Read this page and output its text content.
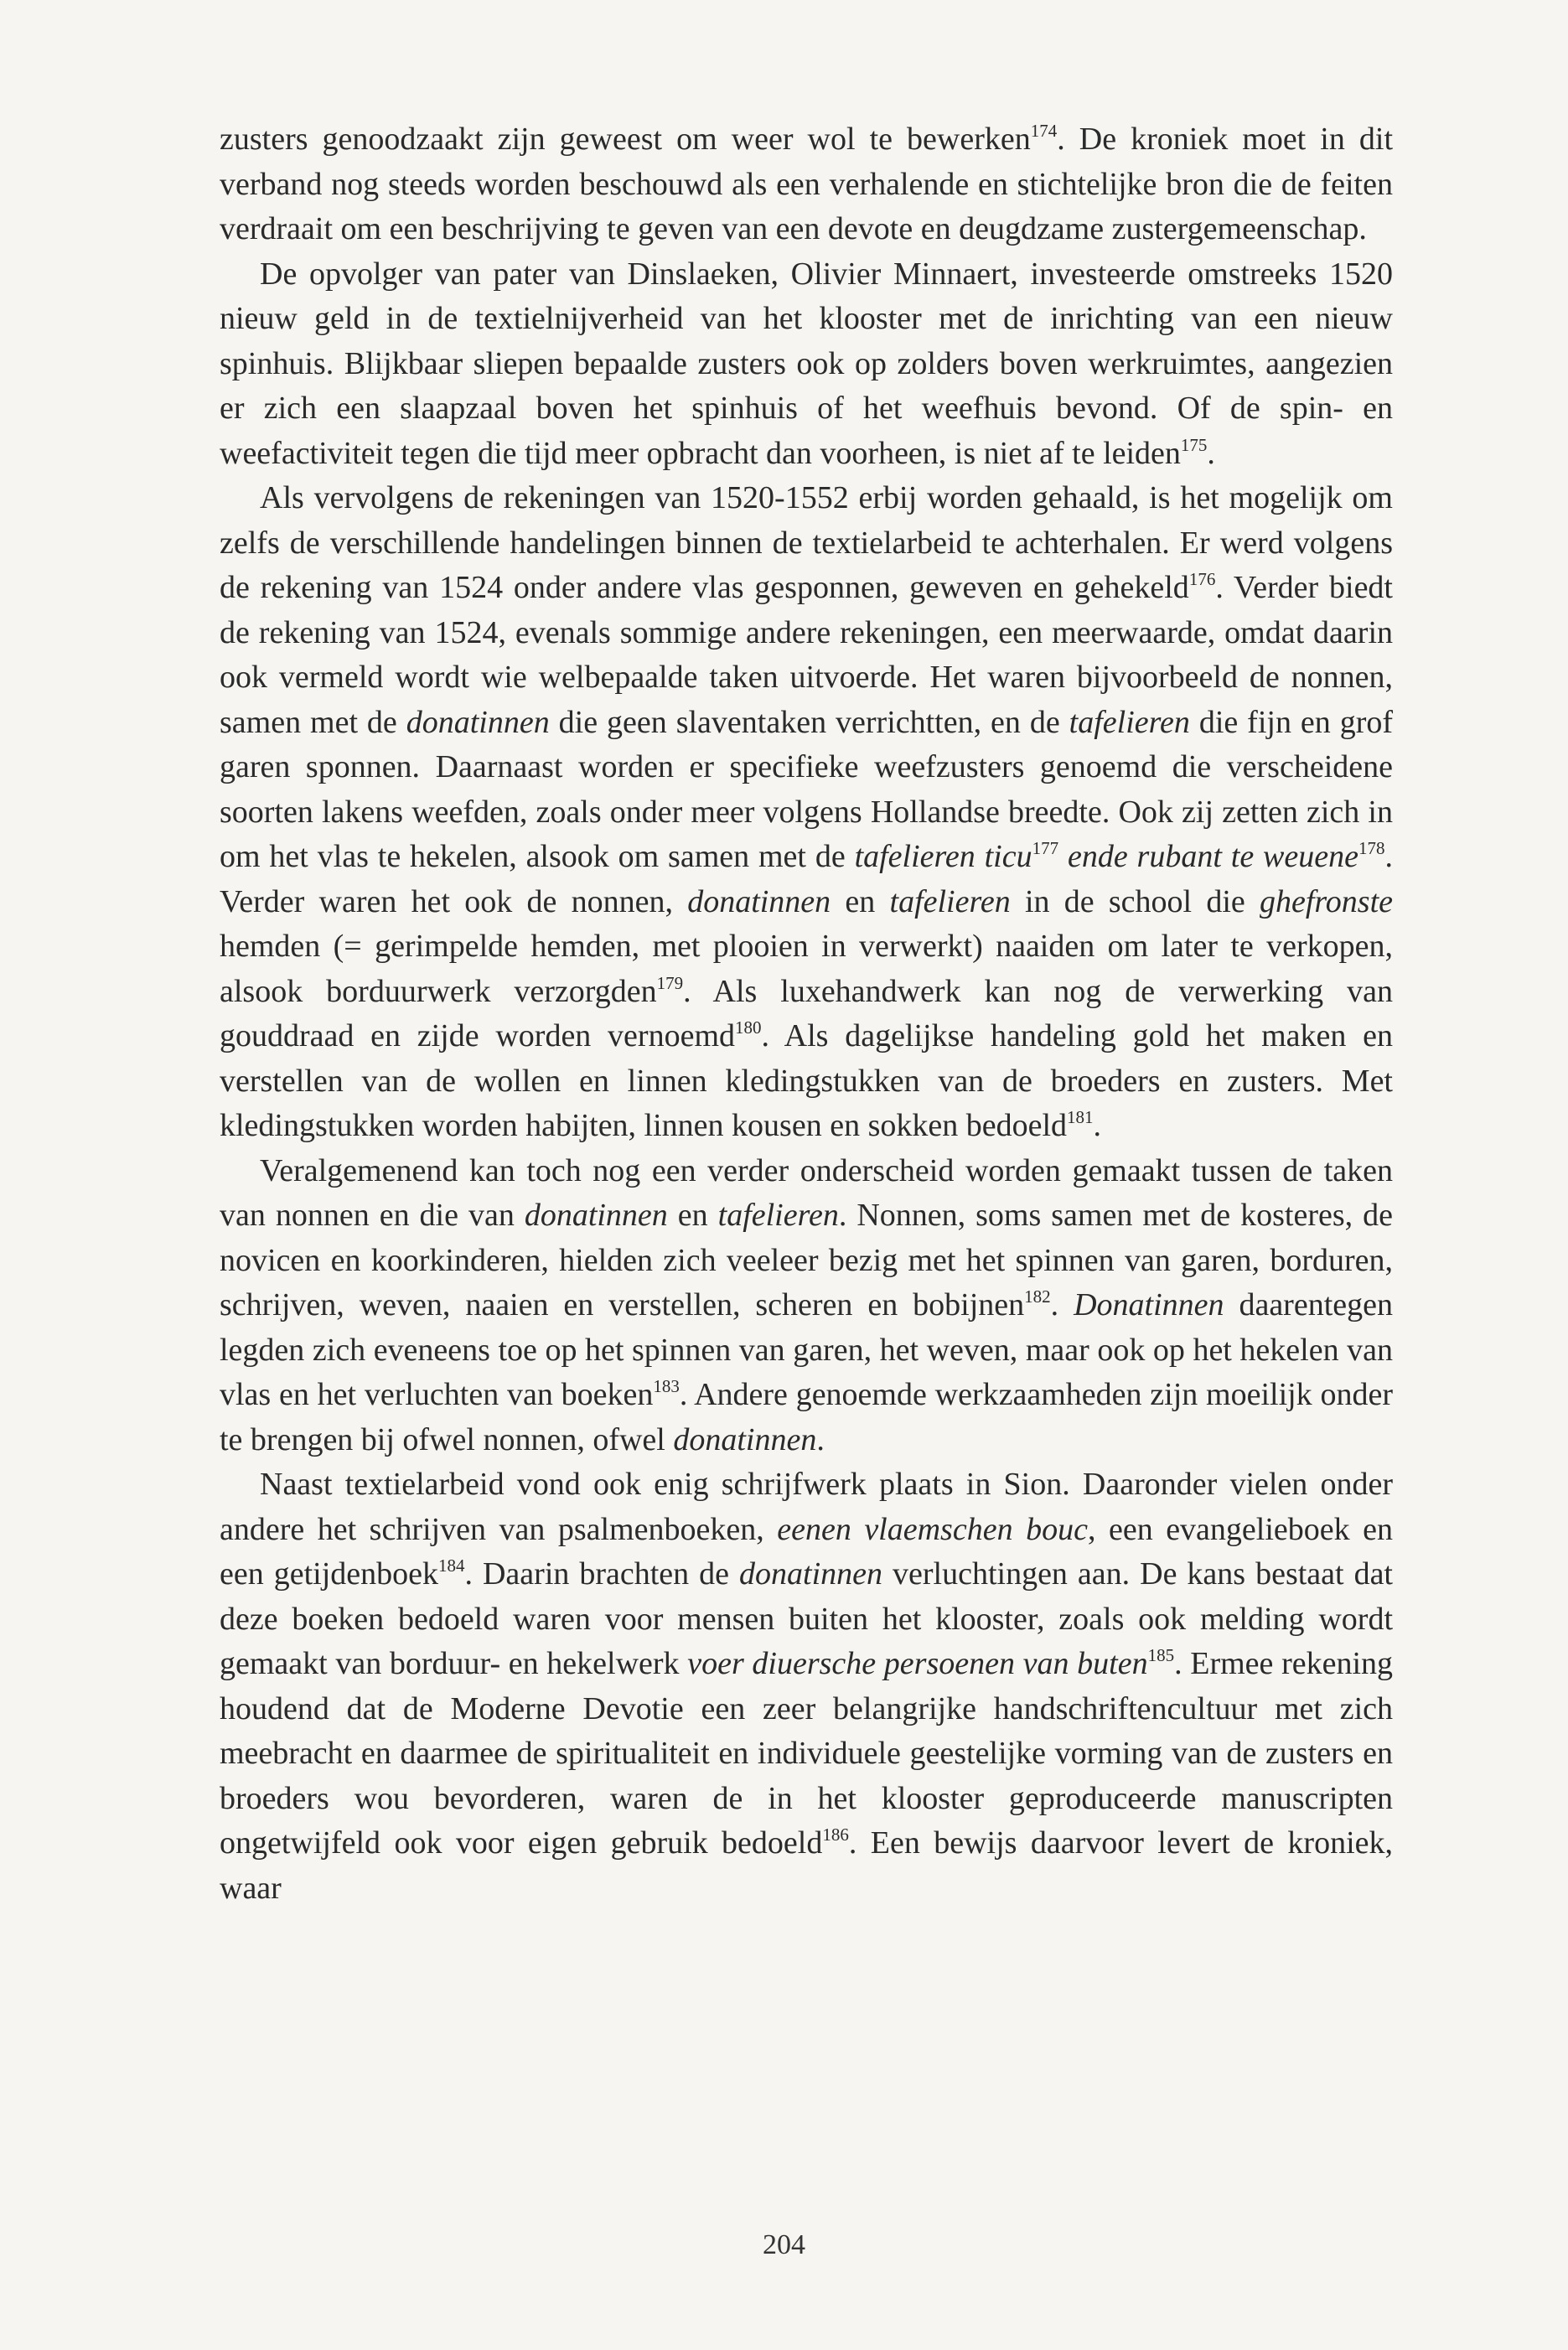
zusters genoodzaakt zijn geweest om weer wol te bewerken$^{174}$. De kroniek moet in dit verband nog steeds worden beschouwd als een verhalende en stichtelijke bron die de feiten verdraait om een beschrijving te geven van een devote en deugdzame zustergemeenschap.

De opvolger van pater van Dinslaeken, Olivier Minnaert, investeerde omstreeks 1520 nieuw geld in de textielnijverheid van het klooster met de inrichting van een nieuw spinhuis. Blijkbaar sliepen bepaalde zusters ook op zolders boven werkruimtes, aangezien er zich een slaapzaal boven het spinhuis of het weefhuis bevond. Of de spin- en weefactiviteit tegen die tijd meer opbracht dan voorheen, is niet af te leiden$^{175}$.

Als vervolgens de rekeningen van 1520-1552 erbij worden gehaald, is het mogelijk om zelfs de verschillende handelingen binnen de textielarbeid te achterhalen. Er werd volgens de rekening van 1524 onder andere vlas gesponnen, geweven en gehekeld$^{176}$. Verder biedt de rekening van 1524, evenals sommige andere rekeningen, een meerwaarde, omdat daarin ook vermeld wordt wie welbepaalde taken uitvoerde. Het waren bijvoorbeeld de nonnen, samen met de donatinnen die geen slaventaken verrichtten, en de tafelieren die fijn en grof garen sponnen. Daarnaast worden er specifieke weefzusters genoemd die verscheidene soorten lakens weefden, zoals onder meer volgens Hollandse breedte. Ook zij zetten zich in om het vlas te hekelen, alsook om samen met de tafelieren ticu$^{177}$ ende rubant te weuene$^{178}$. Verder waren het ook de nonnen, donatinnen en tafelieren in de school die ghefronste hemden (= gerimpelde hemden, met plooien in verwerkt) naaiden om later te verkopen, alsook borduurwerk verzorgden$^{179}$. Als luxehandwerk kan nog de verwerking van gouddraad en zijde worden vernoemd$^{180}$. Als dagelijkse handeling gold het maken en verstellen van de wollen en linnen kledingstukken van de broeders en zusters. Met kledingstukken worden habijten, linnen kousen en sokken bedoeld$^{181}$.

Veralgemenend kan toch nog een verder onderscheid worden gemaakt tussen de taken van nonnen en die van donatinnen en tafelieren. Nonnen, soms samen met de kosteres, de novicen en koorkinderen, hielden zich veeleer bezig met het spinnen van garen, borduren, schrijven, weven, naaien en verstellen, scheren en bobijnen$^{182}$. Donatinnen daarentegen legden zich eveneens toe op het spinnen van garen, het weven, maar ook op het hekelen van vlas en het verluchten van boeken$^{183}$. Andere genoemde werkzaamheden zijn moeilijk onder te brengen bij ofwel nonnen, ofwel donatinnen.

Naast textielarbeid vond ook enig schrijfwerk plaats in Sion. Daaronder vielen onder andere het schrijven van psalmenboeken, eenen vlaemschen bouc, een evangelieboek en een getijdenboek$^{184}$. Daarin brachten de donatinnen verluchtingen aan. De kans bestaat dat deze boeken bedoeld waren voor mensen buiten het klooster, zoals ook melding wordt gemaakt van borduur- en hekelwerk voer diuersche persoenen van buten$^{185}$. Ermee rekening houdend dat de Moderne Devotie een zeer belangrijke handschriftencultuur met zich meebracht en daarmee de spiritualiteit en individuele geestelijke vorming van de zusters en broeders wou bevorderen, waren de in het klooster geproduceerde manuscripten ongetwijfeld ook voor eigen gebruik bedoeld$^{186}$. Een bewijs daarvoor levert de kroniek, waar

204
